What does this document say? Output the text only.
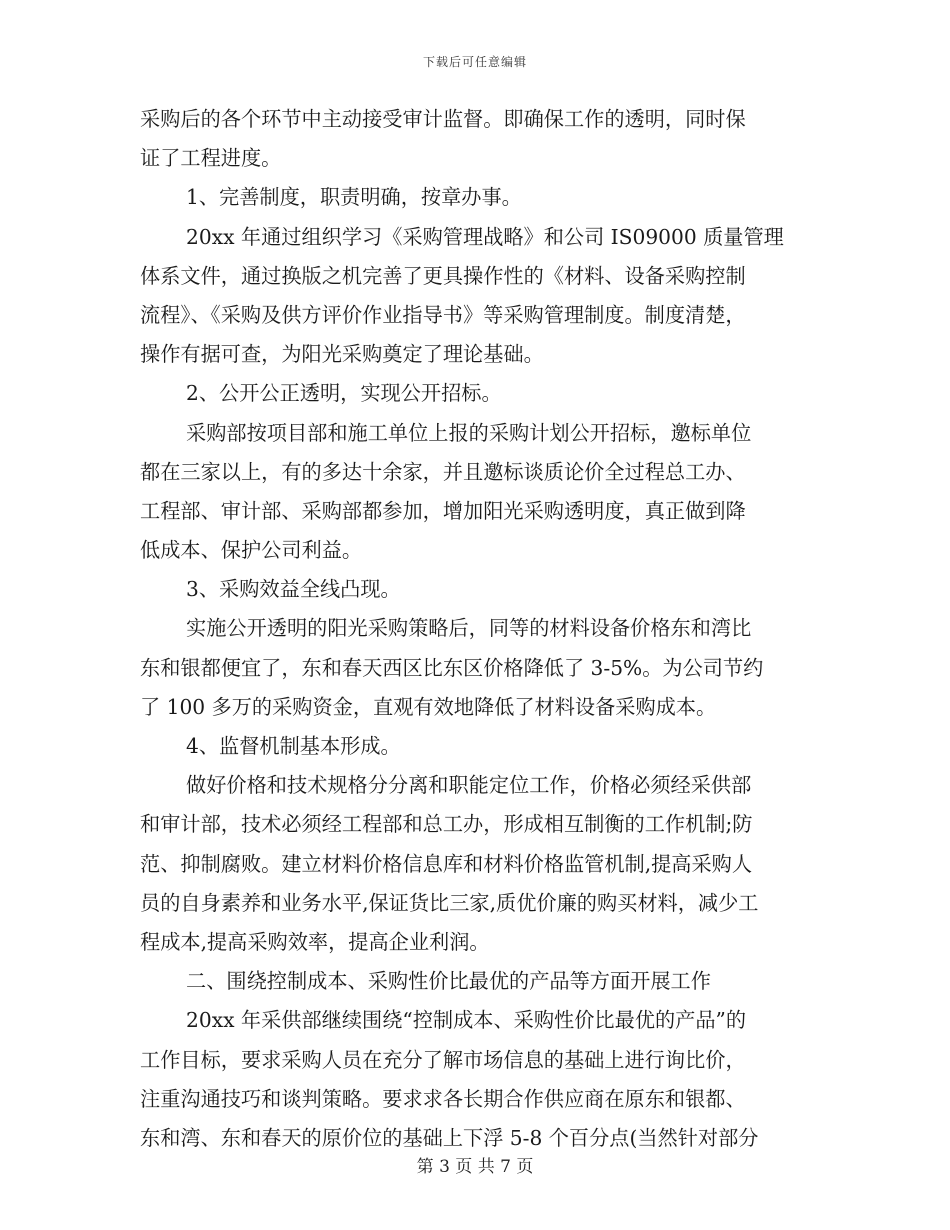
下载后可任意编辑
采购后的各个环节中主动接受审计监督。即确保工作的透明，同时保
证了工程进度。
1、完善制度，职责明确，按章办事。
20xx 年通过组织学习《采购管理战略》和公司 IS09000 质量管理
体系文件，通过换版之机完善了更具操作性的《材料、设备采购控制
流程》、《采购及供方评价作业指导书》等采购管理制度。制度清楚，
操作有据可查，为阳光采购奠定了理论基础。
2、公开公正透明，实现公开招标。
采购部按项目部和施工单位上报的采购计划公开招标，邀标单位
都在三家以上，有的多达十余家，并且邀标谈质论价全过程总工办、
工程部、审计部、采购部都参加，增加阳光采购透明度，真正做到降
低成本、保护公司利益。
3、采购效益全线凸现。
实施公开透明的阳光采购策略后，同等的材料设备价格东和湾比
东和银都便宜了，东和春天西区比东区价格降低了 3-5%。为公司节约
了 100 多万的采购资金，直观有效地降低了材料设备采购成本。
4、监督机制基本形成。
做好价格和技术规格分分离和职能定位工作，价格必须经采供部
和审计部，技术必须经工程部和总工办，形成相互制衡的工作机制;防
范、抑制腐败。建立材料价格信息库和材料价格监管机制,提高采购人
员的自身素养和业务水平,保证货比三家,质优价廉的购买材料，减少工
程成本,提高采购效率，提高企业利润。
二、围绕控制成本、采购性价比最优的产品等方面开展工作
20xx 年采供部继续围绕“控制成本、采购性价比最优的产品”的
工作目标，要求采购人员在充分了解市场信息的基础上进行询比价，
注重沟通技巧和谈判策略。要求求各长期合作供应商在原东和银都、
东和湾、东和春天的原价位的基础上下浮 5-8 个百分点(当然针对部分
第 3 页 共 7 页
